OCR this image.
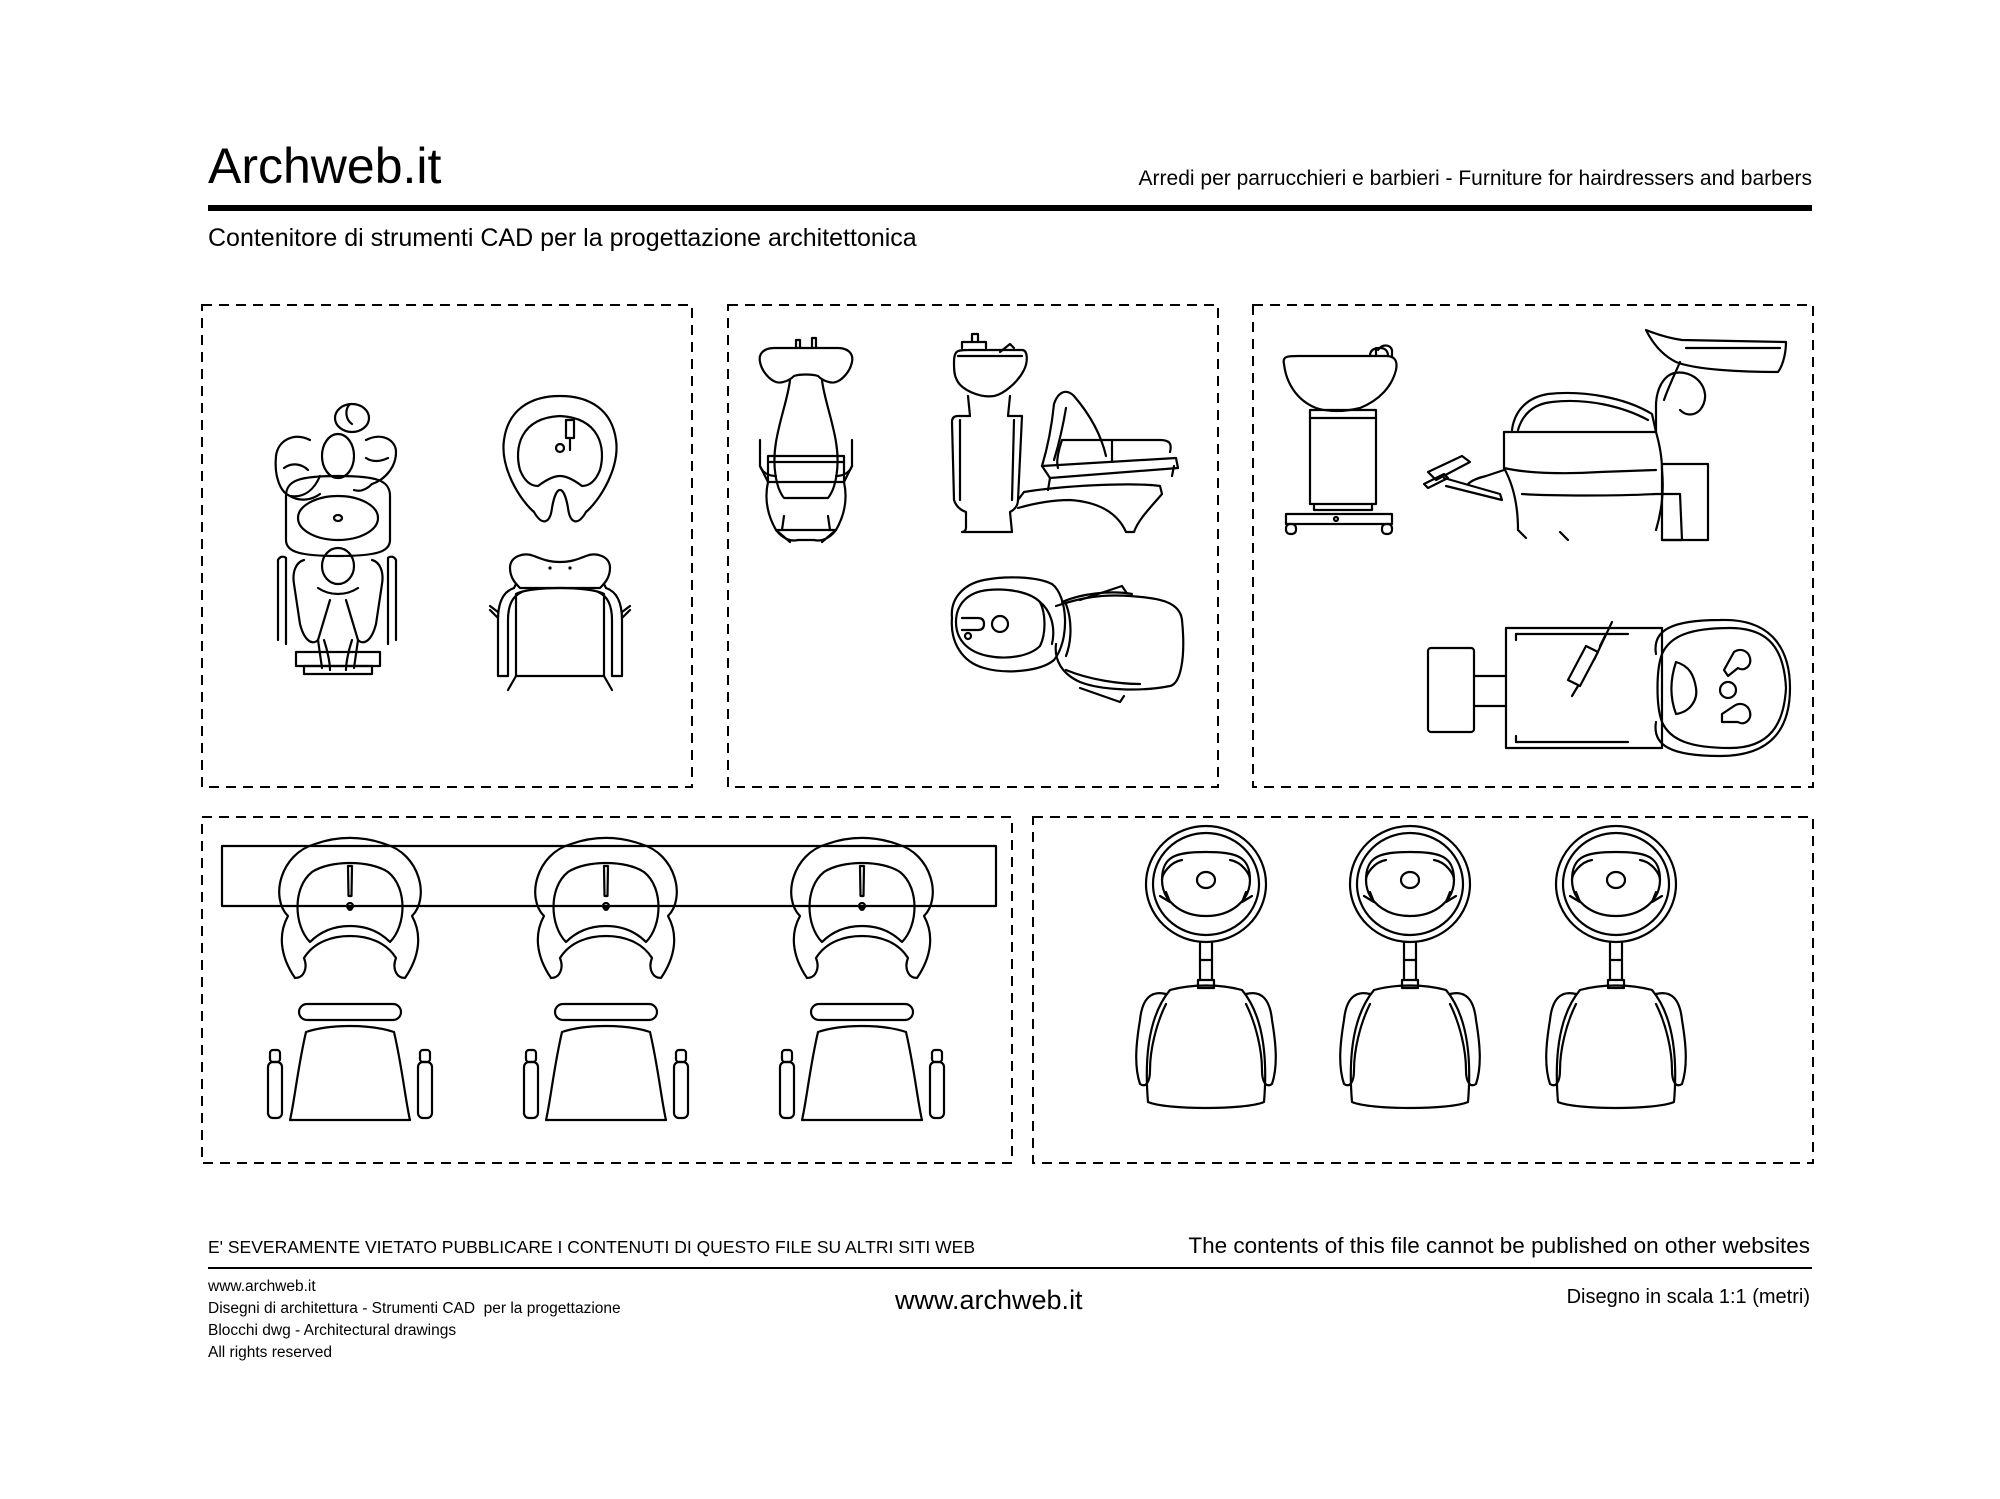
Archweb.it	Arredi per parrucchieri e barbieri - Furniture for hairdressers and barbers
Contenitore di strumenti CAD per la progettazione architettonica
E' SEVERAMENTE VIETATO PUBBLICARE I CONTENUTI DI QUESTO FILE SU ALTRI SITI WEB	The contents of this file cannot be published on other websites
www.archweb.it
Disegni di architettura - Strumenti CAD  per la progettazione
Blocchi dwg - Architectural drawings
All rights reserved
www.archweb.it	Disegno in scala 1:1 (metri)
